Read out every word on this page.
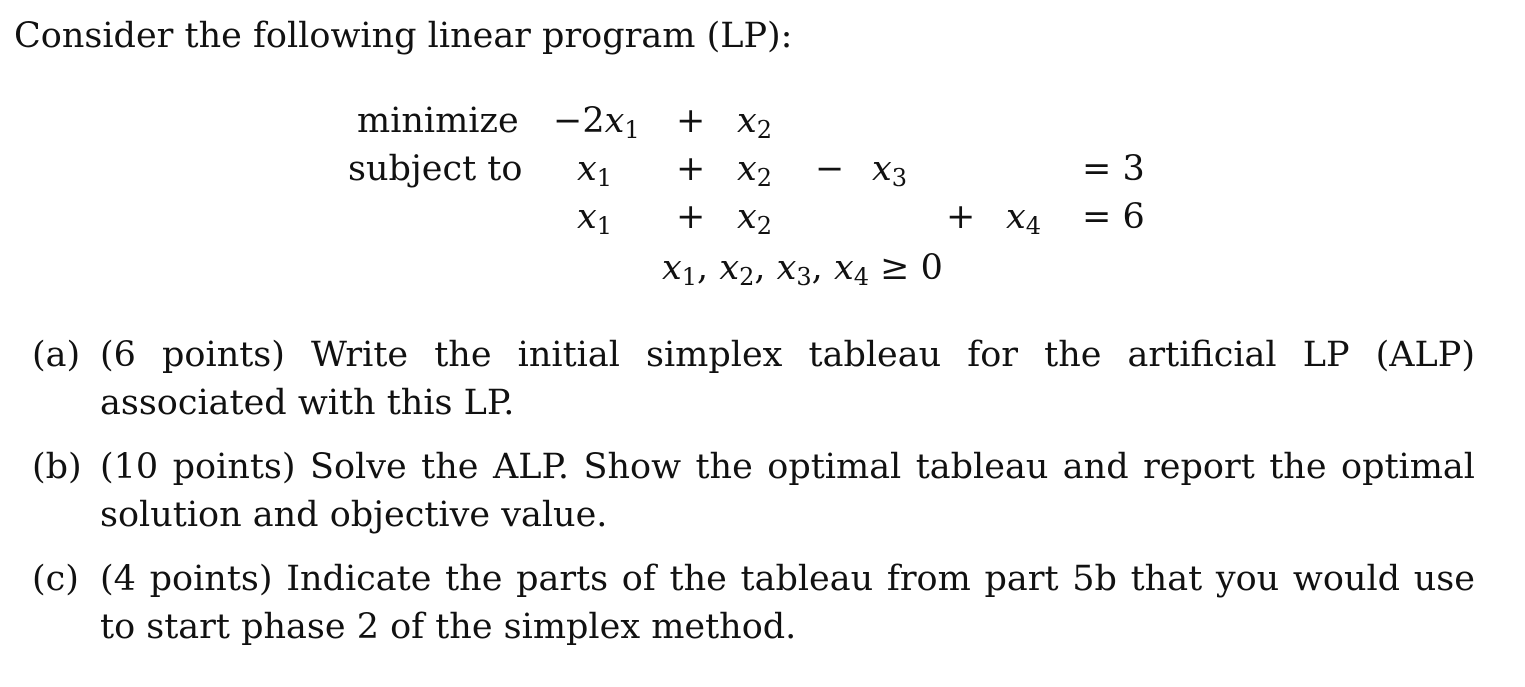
Consider the following linear program (LP):
minimize
subject to
$-2x_1 + x_2$
$x_1 + x_2 - x_3$	= 3
$x_1 + x_2$	+ $x_4 = 6$
$x_1$, $x_2$, $x_3$, $x_4 \ge 0$
(a) (6 points) Write the initial simplex tableau for the artificial LP (ALP) associated with this LP.
(b) (10 points) Solve the ALP. Show the optimal tableau and report the optimal solution and objective value.
(c) (4 points) Indicate the parts of the tableau from part 5b that you would use to start phase 2 of the simplex method.
